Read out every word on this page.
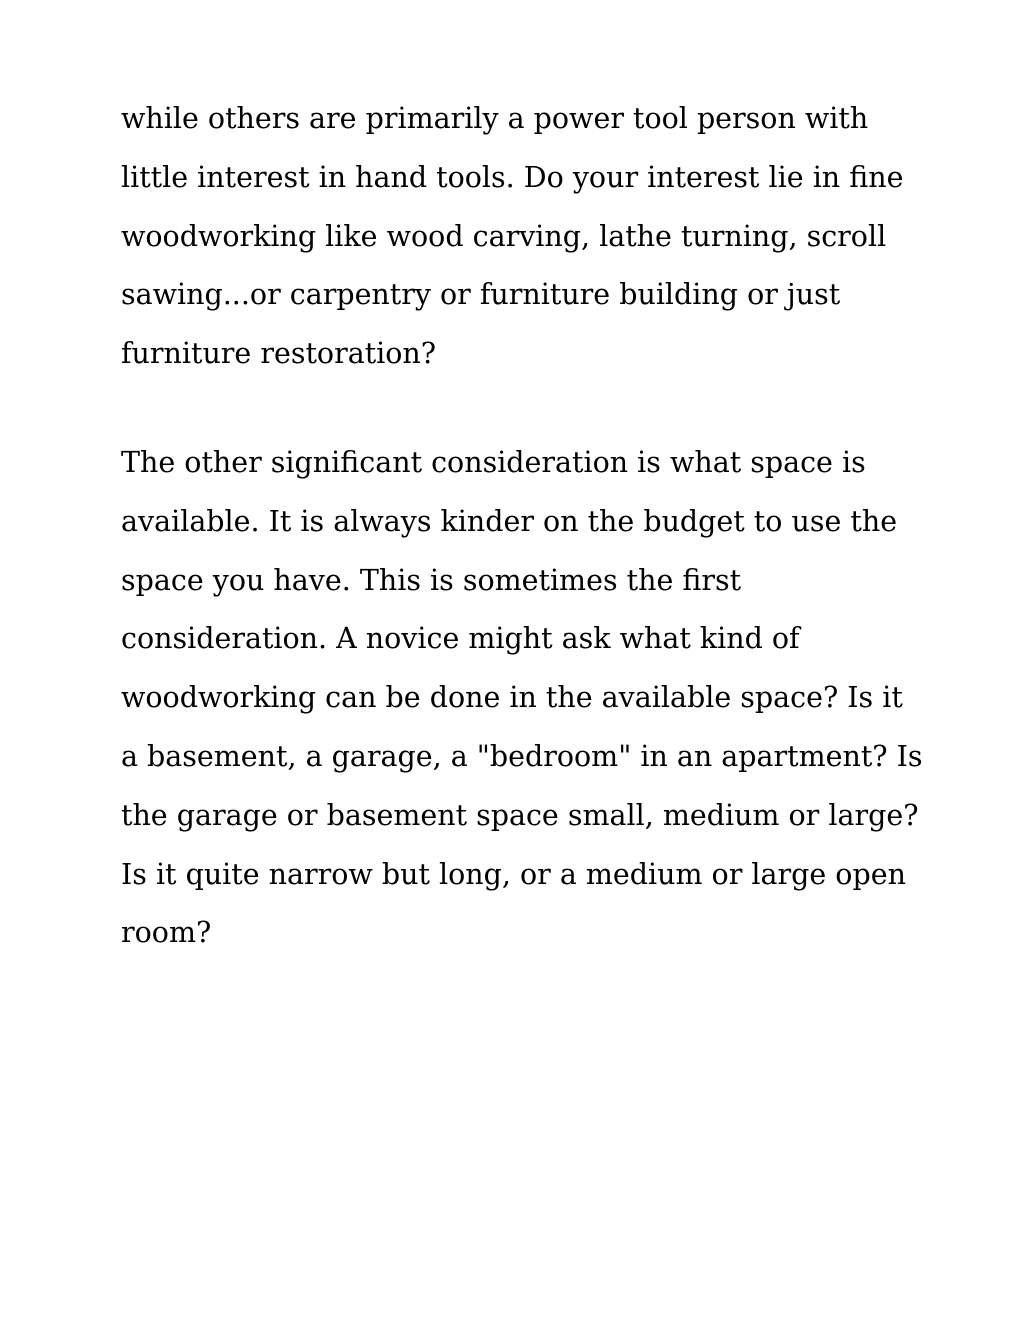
while others are primarily a power tool person with
little interest in hand tools. Do your interest lie in fine
woodworking like wood carving, lathe turning, scroll
sawing...or carpentry or furniture building or just
furniture restoration?
The other significant consideration is what space is
available. It is always kinder on the budget to use the
space you have. This is sometimes the first
consideration. A novice might ask what kind of
woodworking can be done in the available space? Is it
a basement, a garage, a "bedroom" in an apartment? Is
the garage or basement space small, medium or large?
Is it quite narrow but long, or a medium or large open
room?
